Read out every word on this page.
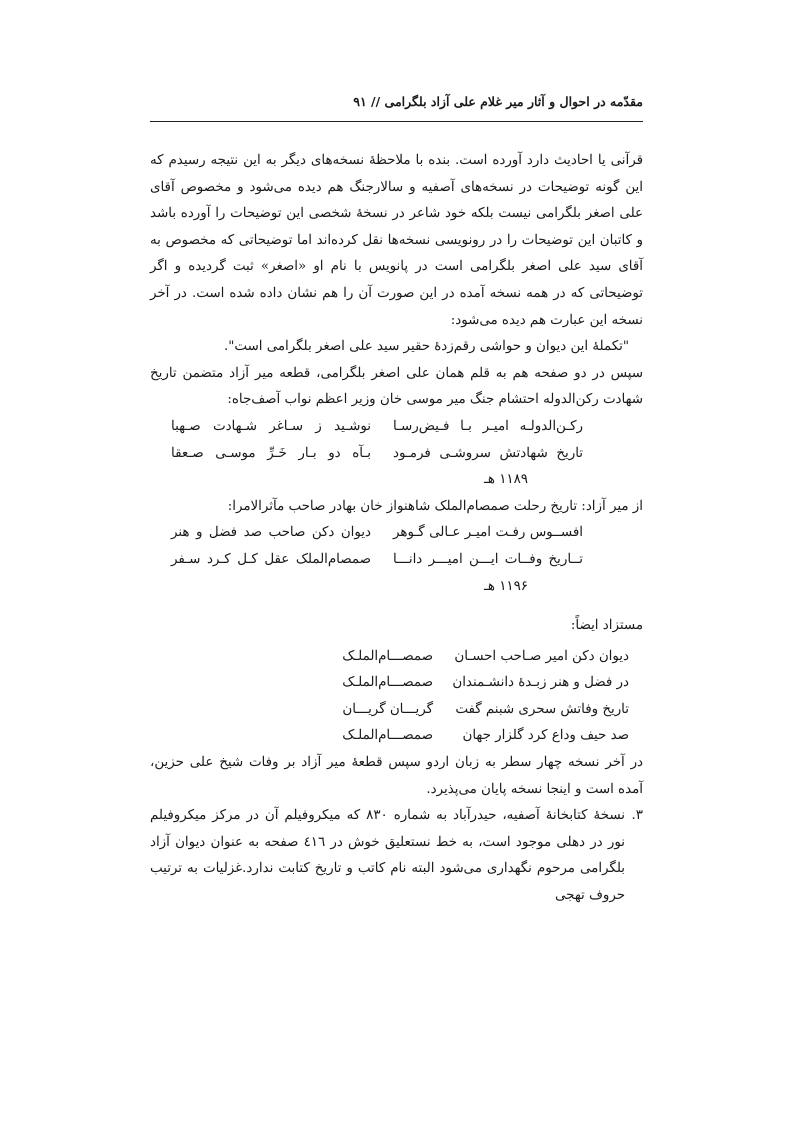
مقدّمه در احوال و آثار میر غلام علی آزاد بلگرامی // ۹۱

قرآنی یا احادیث دارد آورده است. بنده با ملاحظهٔ نسخه‌های دیگر به این نتیجه رسیدم که این گونه توضیحات در نسخه‌های آصفیه و سالارجنگ هم دیده می‌شود و مخصوص آقای علی اصغر بلگرامی نیست بلکه خود شاعر در نسخهٔ شخصی این توضیحات را آورده باشد و کاتبان این توضیحات را در رونویسی نسخه‌ها نقل کرده‌اند اما توضیحاتی که مخصوص به آقای سید علی اصغر بلگرامی است در پانویس با نام او «اصغر» ثبت گردیده و اگر توضیحاتی که در همه نسخه آمده در این صورت آن را هم نشان داده شده است. در آخر نسخه این عبارت هم دیده می‌شود:

"تکملهٔ این دیوان و حواشی رقم‌زدهٔ حقیر سید علی اصغر بلگرامی است".

سپس در دو صفحه هم به قلم همان علی اصغر بلگرامی، قطعه میر آزاد متضمن تاریخ شهادت رکن‌الدوله احتشام جنگ میر موسی خان وزیر اعظم نواب آصف‌جاه:

رکـن‌الدولـه امیـر بـا فـیض‌رسـا
نوشـید ز سـاغر شـهادت صـهبا
تاریخ شهادتش سروشـی فرمـود
بـآه دو بـار خَـرِّ موسـی صـعقا
۱۱۸۹ هـ

از میر آزاد: تاریخ رحلت صمصام‌الملک شاهنواز خان بهادر صاحب مآثرالامرا:

افســوس رفـت امیـر عـالی گـوهر
دیوان دکن صاحب صد فضل و هنر
تــاریخ وفــات ایـــن امیـــر دانـــا
صمصام‌الملک عقل کـل کـرد سـفر
۱۱۹۶ هـ

مستزاد ایضاً:

دیوان دکن امیر صـاحب احسـان
صمصـــام‌الملـک
در فضل و هنر زبـدهٔ دانشـمندان
صمصـــام‌الملـک
تاریخ وفاتش سحری شبنم گفت
گریـــان گریـــان
صد حیف وداع کرد گلزار جهان
صمصـــام‌الملـک

در آخر نسخه چهار سطر به زبان اردو سپس قطعهٔ میر آزاد بر وفات شیخ علی حزین، آمده است و اینجا نسخه پایان می‌پذیرد.

۳.
نسخهٔ کتابخانهٔ آصفیه، حیدرآباد به شماره ۸۳۰ که میکروفیلم آن در مرکز میکروفیلم نور در دهلی موجود است، به خط نستعلیق خوش در ٤١٦ صفحه به عنوان دیوان آزاد بلگرامی مرحوم نگهداری می‌شود البته نام کاتب و تاریخ کتابت ندارد.غزلیات به ترتیب حروف تهجی
